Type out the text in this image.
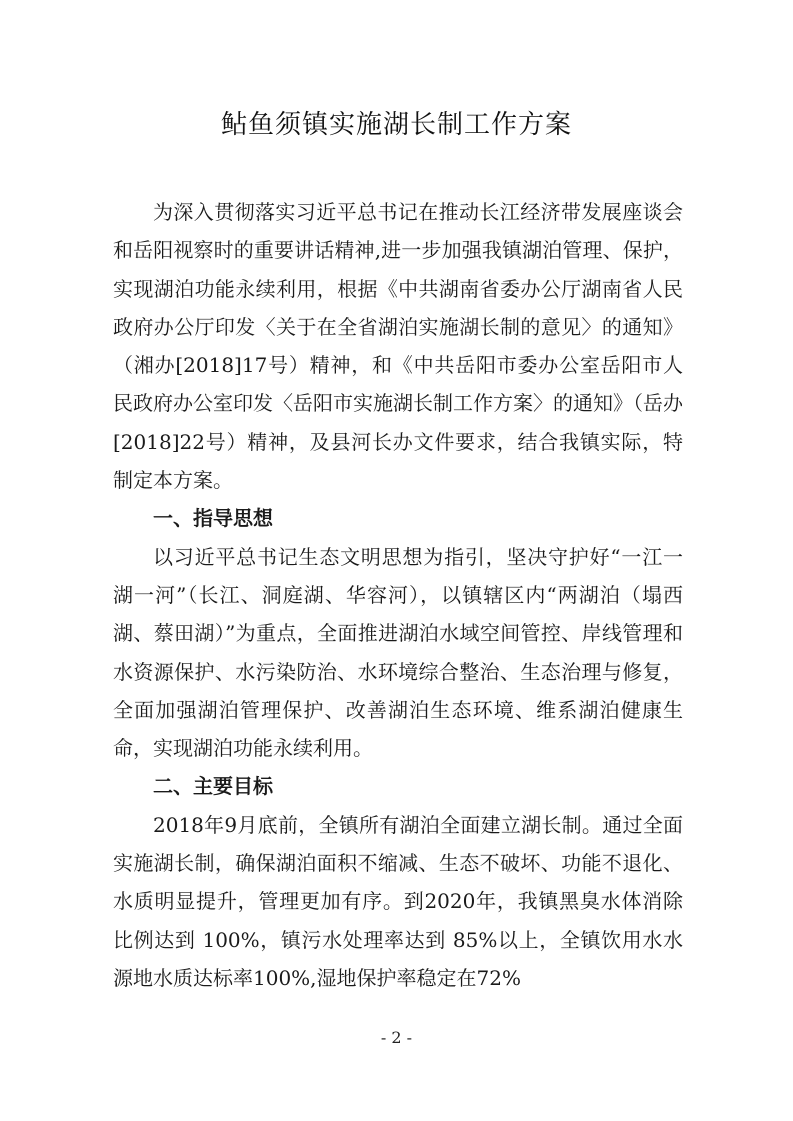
鲇鱼须镇实施湖长制工作方案

为深入贯彻落实习近平总书记在推动长江经济带发展座谈会和岳阳视察时的重要讲话精神,进一步加强我镇湖泊管理、保护，实现湖泊功能永续利用，根据《中共湖南省委办公厅湖南省人民政府办公厅印发〈关于在全省湖泊实施湖长制的意见〉的通知》（湘办[2018]17号）精神，和《中共岳阳市委办公室岳阳市人民政府办公室印发〈岳阳市实施湖长制工作方案〉的通知》（岳办[2018]22号）精神，及县河长办文件要求，结合我镇实际，特制定本方案。

一、指导思想

以习近平总书记生态文明思想为指引，坚决守护好“一江一湖一河”（长江、洞庭湖、华容河），以镇辖区内“两湖泊（塌西湖、蔡田湖）”为重点，全面推进湖泊水域空间管控、岸线管理和水资源保护、水污染防治、水环境综合整治、生态治理与修复，全面加强湖泊管理保护、改善湖泊生态环境、维系湖泊健康生命，实现湖泊功能永续利用。

二、主要目标

2018年9月底前，全镇所有湖泊全面建立湖长制。通过全面实施湖长制，确保湖泊面积不缩减、生态不破坏、功能不退化、水质明显提升，管理更加有序。到2020年，我镇黑臭水体消除比例达到 100%，镇污水处理率达到 85%以上，全镇饮用水水源地水质达标率100%,湿地保护率稳定在72%

- 2 -
